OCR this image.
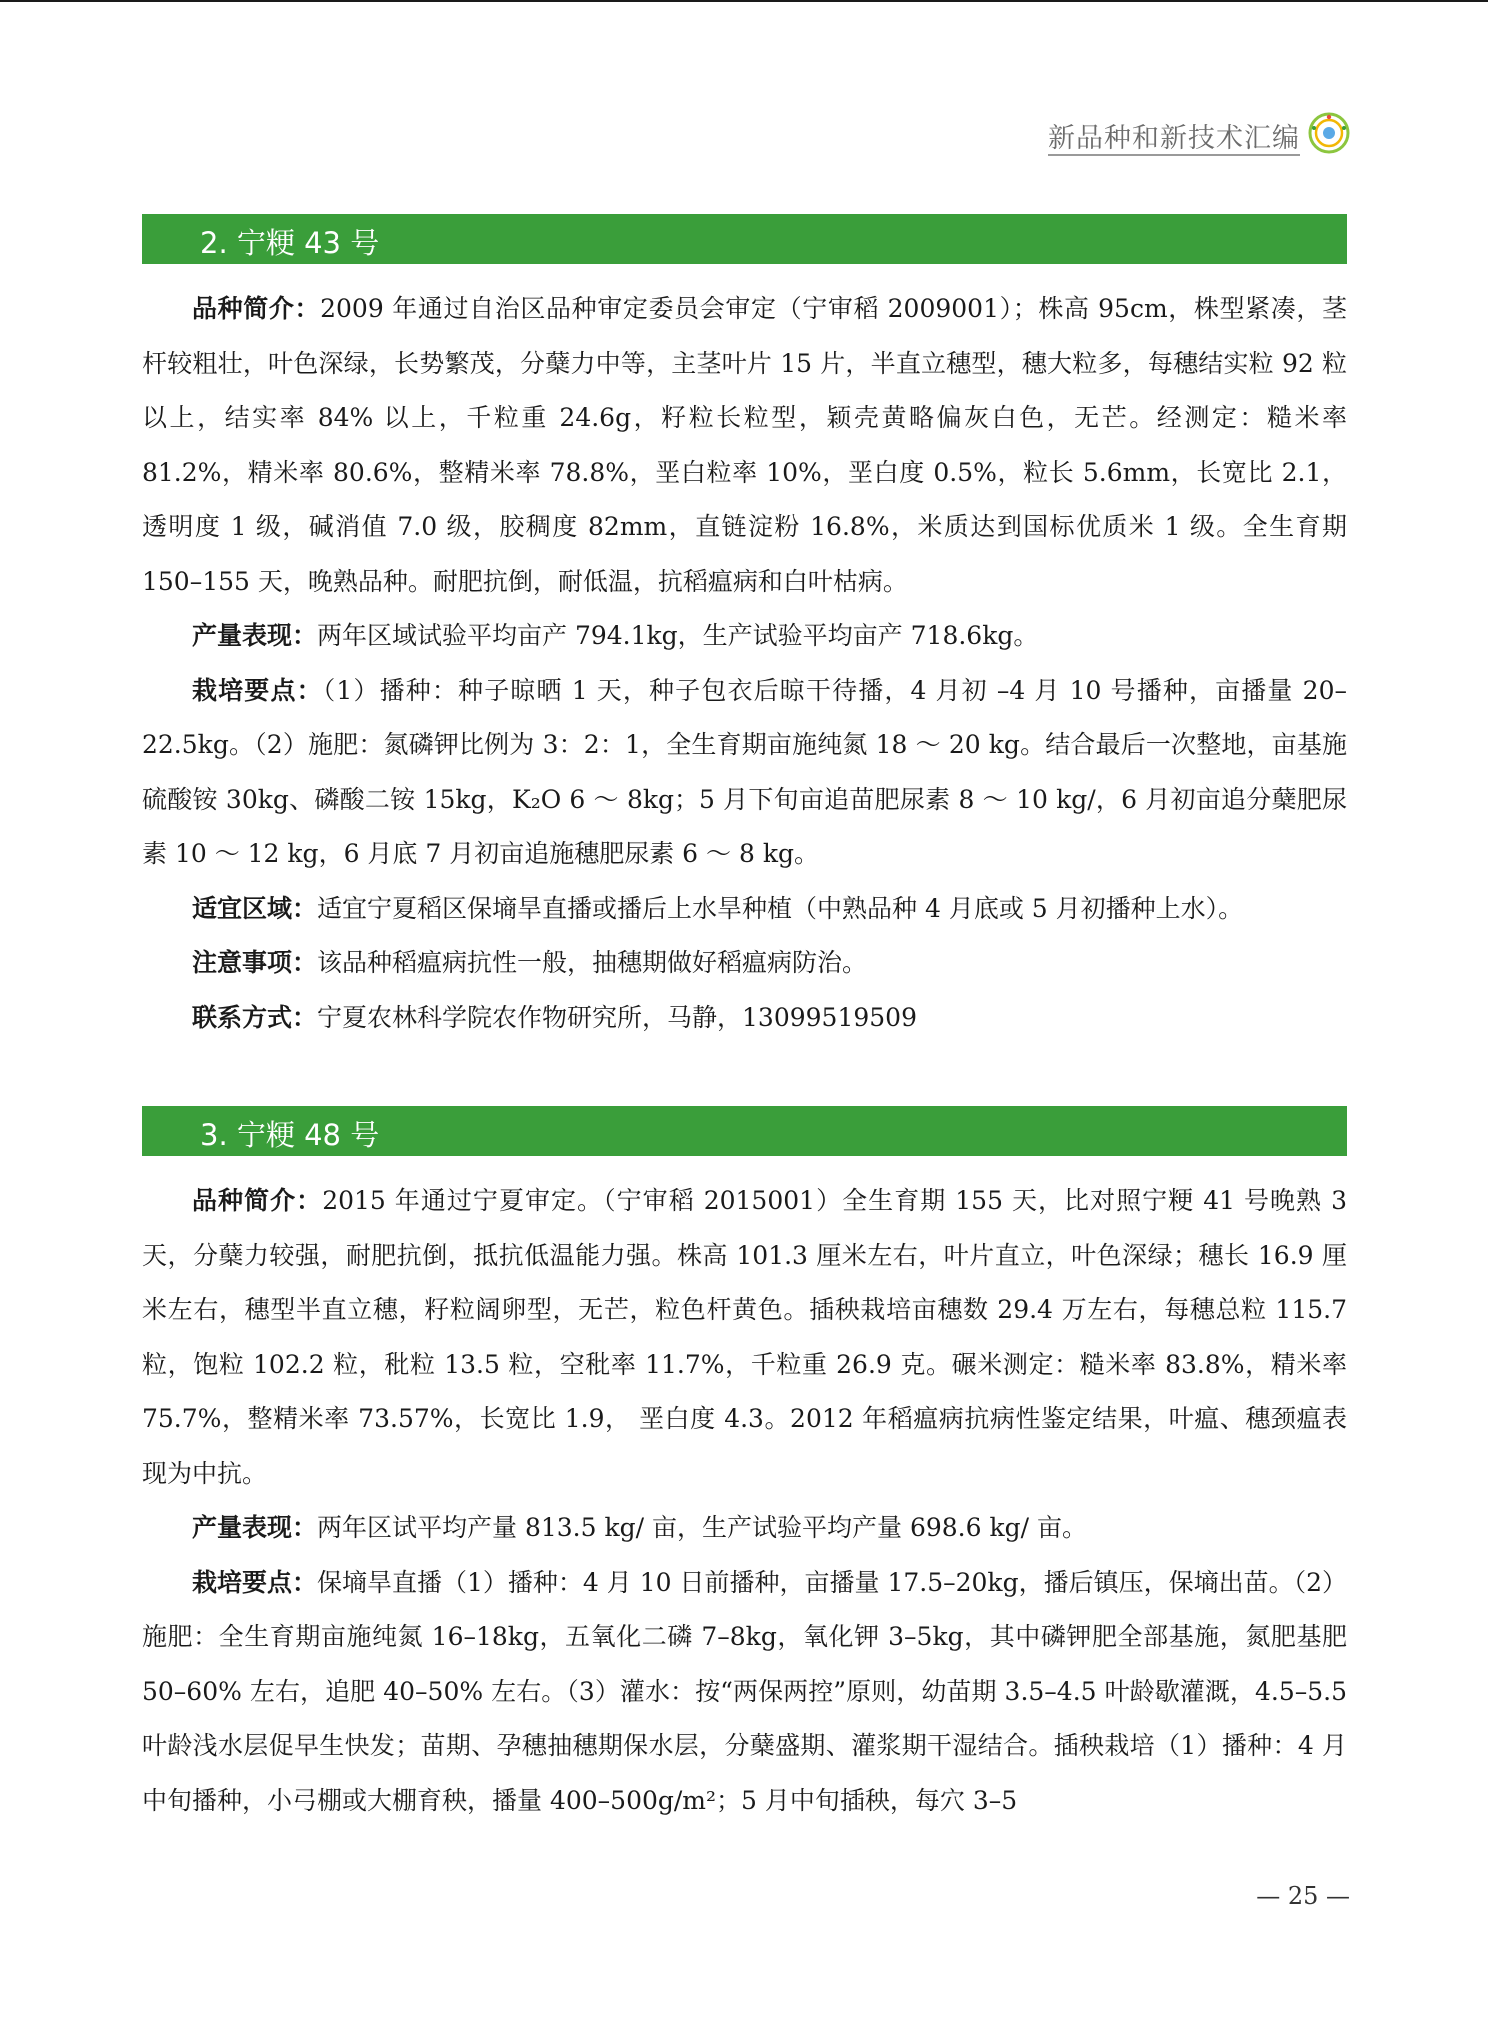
新品种和新技术汇编
2. 宁粳 43 号

品种简介：2009 年通过自治区品种审定委员会审定（宁审稻 2009001）；株高 95cm，株型紧凑，茎杆较粗壮，叶色深绿，长势繁茂，分蘖力中等，主茎叶片 15 片，半直立穗型，穗大粒多，每穗结实粒 92 粒以上，结实率 84% 以上，千粒重 24.6g，籽粒长粒型，颖壳黄略偏灰白色，无芒。经测定：糙米率 81.2%，精米率 80.6%，整精米率 78.8%，垩白粒率 10%，垩白度 0.5%，粒长 5.6mm，长宽比 2.1，透明度 1 级，碱消值 7.0 级，胶稠度 82mm，直链淀粉 16.8%，米质达到国标优质米 1 级。全生育期 150–155 天，晚熟品种。耐肥抗倒，耐低温，抗稻瘟病和白叶枯病。

产量表现：两年区域试验平均亩产 794.1kg，生产试验平均亩产 718.6kg。

栽培要点：（1）播种：种子晾晒 1 天，种子包衣后晾干待播，4 月初 –4 月 10 号播种，亩播量 20–22.5kg。（2）施肥：氮磷钾比例为 3：2：1，全生育期亩施纯氮 18 ～ 20 kg。结合最后一次整地，亩基施硫酸铵 30kg、磷酸二铵 15kg，K₂O 6 ～ 8kg；5 月下旬亩追苗肥尿素 8 ～ 10 kg/，6 月初亩追分蘖肥尿素 10 ～ 12 kg，6 月底 7 月初亩追施穗肥尿素 6 ～ 8 kg。

适宜区域：适宜宁夏稻区保墒旱直播或播后上水旱种植（中熟品种 4 月底或 5 月初播种上水）。

注意事项：该品种稻瘟病抗性一般，抽穗期做好稻瘟病防治。

联系方式：宁夏农林科学院农作物研究所，马静，13099519509

3. 宁粳 48 号

品种简介：2015 年通过宁夏审定。（宁审稻 2015001）全生育期 155 天，比对照宁粳 41 号晚熟 3 天，分蘖力较强，耐肥抗倒，抵抗低温能力强。株高 101.3 厘米左右，叶片直立，叶色深绿；穗长 16.9 厘米左右，穗型半直立穗，籽粒阔卵型，无芒，粒色杆黄色。插秧栽培亩穗数 29.4 万左右，每穗总粒 115.7 粒，饱粒 102.2 粒，秕粒 13.5 粒，空秕率 11.7%，千粒重 26.9 克。碾米测定：糙米率 83.8%，精米率 75.7%，整精米率 73.57%，长宽比 1.9， 垩白度 4.3。2012 年稻瘟病抗病性鉴定结果，叶瘟、穗颈瘟表现为中抗。

产量表现：两年区试平均产量 813.5 kg/ 亩，生产试验平均产量 698.6 kg/ 亩。

栽培要点：保墒旱直播（1）播种：4 月 10 日前播种，亩播量 17.5–20kg，播后镇压，保墒出苗。（2）施肥：全生育期亩施纯氮 16–18kg，五氧化二磷 7–8kg，氧化钾 3–5kg，其中磷钾肥全部基施，氮肥基肥 50–60% 左右，追肥 40–50% 左右。（3）灌水：按“两保两控”原则，幼苗期 3.5–4.5 叶龄歇灌溉，4.5–5.5 叶龄浅水层促早生快发；苗期、孕穗抽穗期保水层，分蘖盛期、灌浆期干湿结合。插秧栽培（1）播种：4 月中旬播种，小弓棚或大棚育秧，播量 400–500g/m²；5 月中旬插秧，每穴 3–5

— 25 —
